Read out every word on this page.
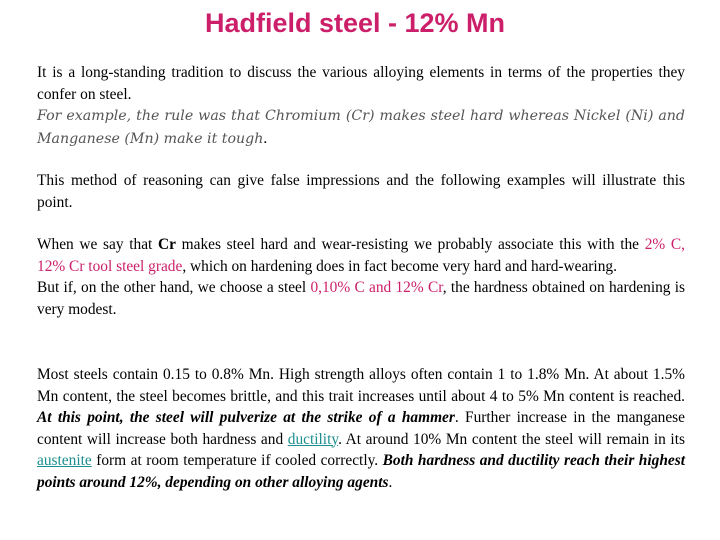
Hadfield steel - 12% Mn

It is a long-standing tradition to discuss the various alloying elements in terms of the properties they confer on steel.
For example, the rule was that Chromium (Cr) makes steel hard whereas Nickel (Ni) and Manganese (Mn) make it tough.

This method of reasoning can give false impressions and the following examples will illustrate this point.

When we say that Cr makes steel hard and wear-resisting we probably associate this with the 2% C, 12% Cr tool steel grade, which on hardening does in fact become very hard and hard-wearing.
But if, on the other hand, we choose a steel 0,10% C and 12% Cr, the hardness obtained on hardening is very modest.

Most steels contain 0.15 to 0.8% Mn. High strength alloys often contain 1 to 1.8% Mn. At about 1.5% Mn content, the steel becomes brittle, and this trait increases until about 4 to 5% Mn content is reached. At this point, the steel will pulverize at the strike of a hammer. Further increase in the manganese content will increase both hardness and ductility. At around 10% Mn content the steel will remain in its austenite form at room temperature if cooled correctly. Both hardness and ductility reach their highest points around 12%, depending on other alloying agents.
